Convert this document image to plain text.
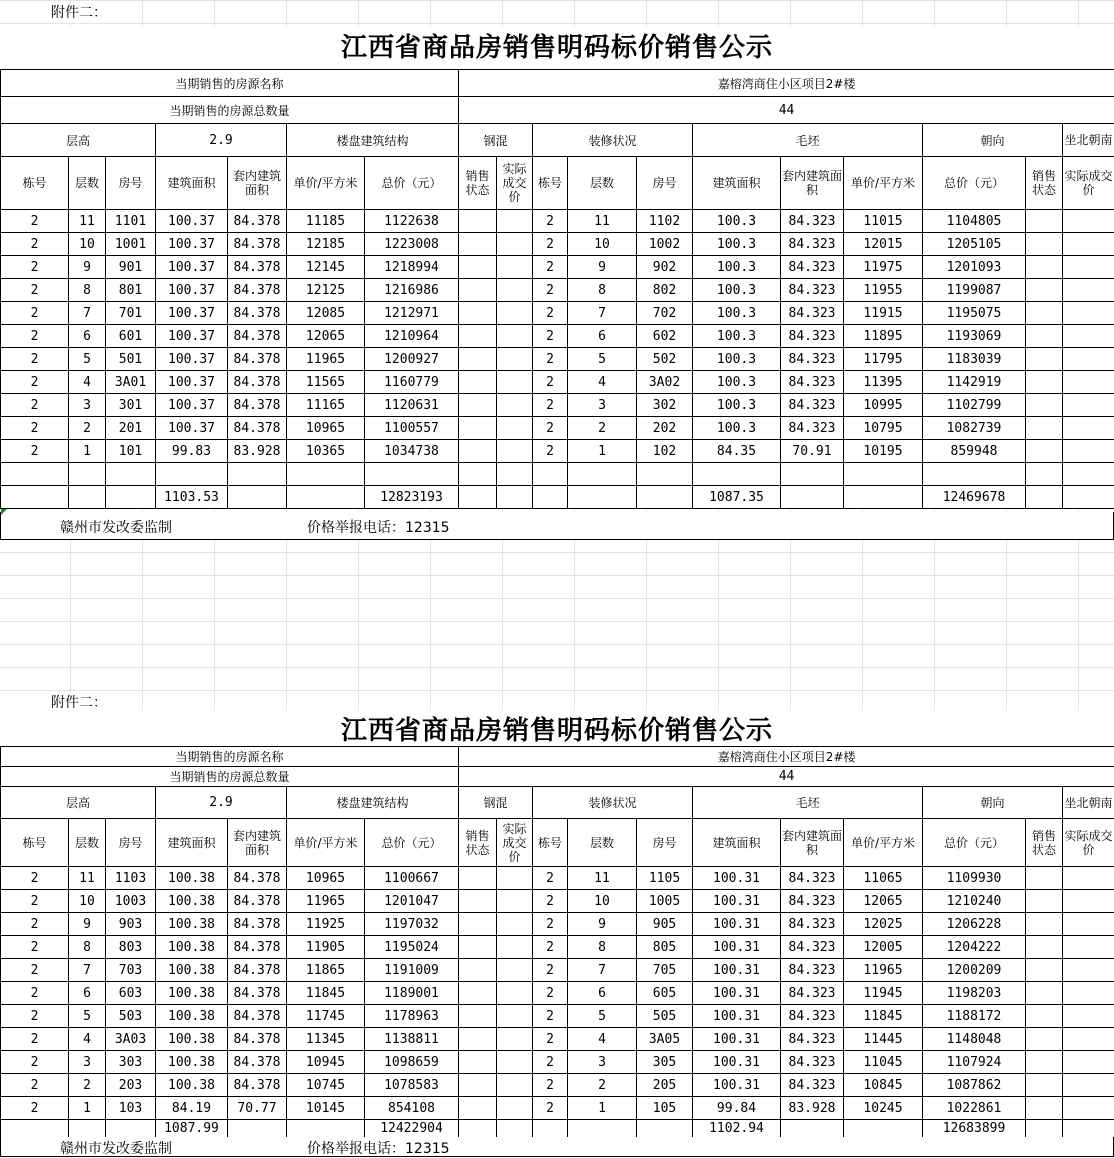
附件二：
江西省商品房销售明码标价销售公示
当期销售的房源名称							嘉榕湾商住小区项目2#楼										
当期销售的房源总数量							44										
层高			2.9		楼盘建筑结构		钢混		装修状况			毛坯			朝向		坐北朝南
栋号	层数	房号	建筑面积	套内建筑面积	单价/平方米	总价（元）	销售状态	实际成交价	栋号	层数	房号	建筑面积	套内建筑面积	单价/平方米	总价（元）	销售状态	实际成交价
2	11	1101	100.37	84.378	11185	1122638			2	11	1102	100.3	84.323	11015	1104805		
2	10	1001	100.37	84.378	12185	1223008			2	10	1002	100.3	84.323	12015	1205105		
2	9	901	100.37	84.378	12145	1218994			2	9	902	100.3	84.323	11975	1201093		
2	8	801	100.37	84.378	12125	1216986			2	8	802	100.3	84.323	11955	1199087		
2	7	701	100.37	84.378	12085	1212971			2	7	702	100.3	84.323	11915	1195075		
2	6	601	100.37	84.378	12065	1210964			2	6	602	100.3	84.323	11895	1193069		
2	5	501	100.37	84.378	11965	1200927			2	5	502	100.3	84.323	11795	1183039		
2	4	3A01	100.37	84.378	11565	1160779			2	4	3A02	100.3	84.323	11395	1142919		
2	3	301	100.37	84.378	11165	1120631			2	3	302	100.3	84.323	10995	1102799		
2	2	201	100.37	84.378	10965	1100557			2	2	202	100.3	84.323	10795	1082739		
2	1	101	99.83	83.928	10365	1034738			2	1	102	84.35	70.91	10195	859948		

			1103.53			12823193						1087.35			12469678		
赣州市发改委监制	价格举报电话：12315
附件二：
江西省商品房销售明码标价销售公示
当期销售的房源名称							嘉榕湾商住小区项目2#楼										
当期销售的房源总数量							44										
层高			2.9		楼盘建筑结构		钢混		装修状况			毛坯			朝向		坐北朝南
栋号	层数	房号	建筑面积	套内建筑面积	单价/平方米	总价（元）	销售状态	实际成交价	栋号	层数	房号	建筑面积	套内建筑面积	单价/平方米	总价（元）	销售状态	实际成交价
2	11	1103	100.38	84.378	10965	1100667			2	11	1105	100.31	84.323	11065	1109930		
2	10	1003	100.38	84.378	11965	1201047			2	10	1005	100.31	84.323	12065	1210240		
2	9	903	100.38	84.378	11925	1197032			2	9	905	100.31	84.323	12025	1206228		
2	8	803	100.38	84.378	11905	1195024			2	8	805	100.31	84.323	12005	1204222		
2	7	703	100.38	84.378	11865	1191009			2	7	705	100.31	84.323	11965	1200209		
2	6	603	100.38	84.378	11845	1189001			2	6	605	100.31	84.323	11945	1198203		
2	5	503	100.38	84.378	11745	1178963			2	5	505	100.31	84.323	11845	1188172		
2	4	3A03	100.38	84.378	11345	1138811			2	4	3A05	100.31	84.323	11445	1148048		
2	3	303	100.38	84.378	10945	1098659			2	3	305	100.31	84.323	11045	1107924		
2	2	203	100.38	84.378	10745	1078583			2	2	205	100.31	84.323	10845	1087862		
2	1	103	84.19	70.77	10145	854108			2	1	105	99.84	83.928	10245	1022861		
			1087.99			12422904						1102.94			12683899		
赣州市发改委监制	价格举报电话：12315
